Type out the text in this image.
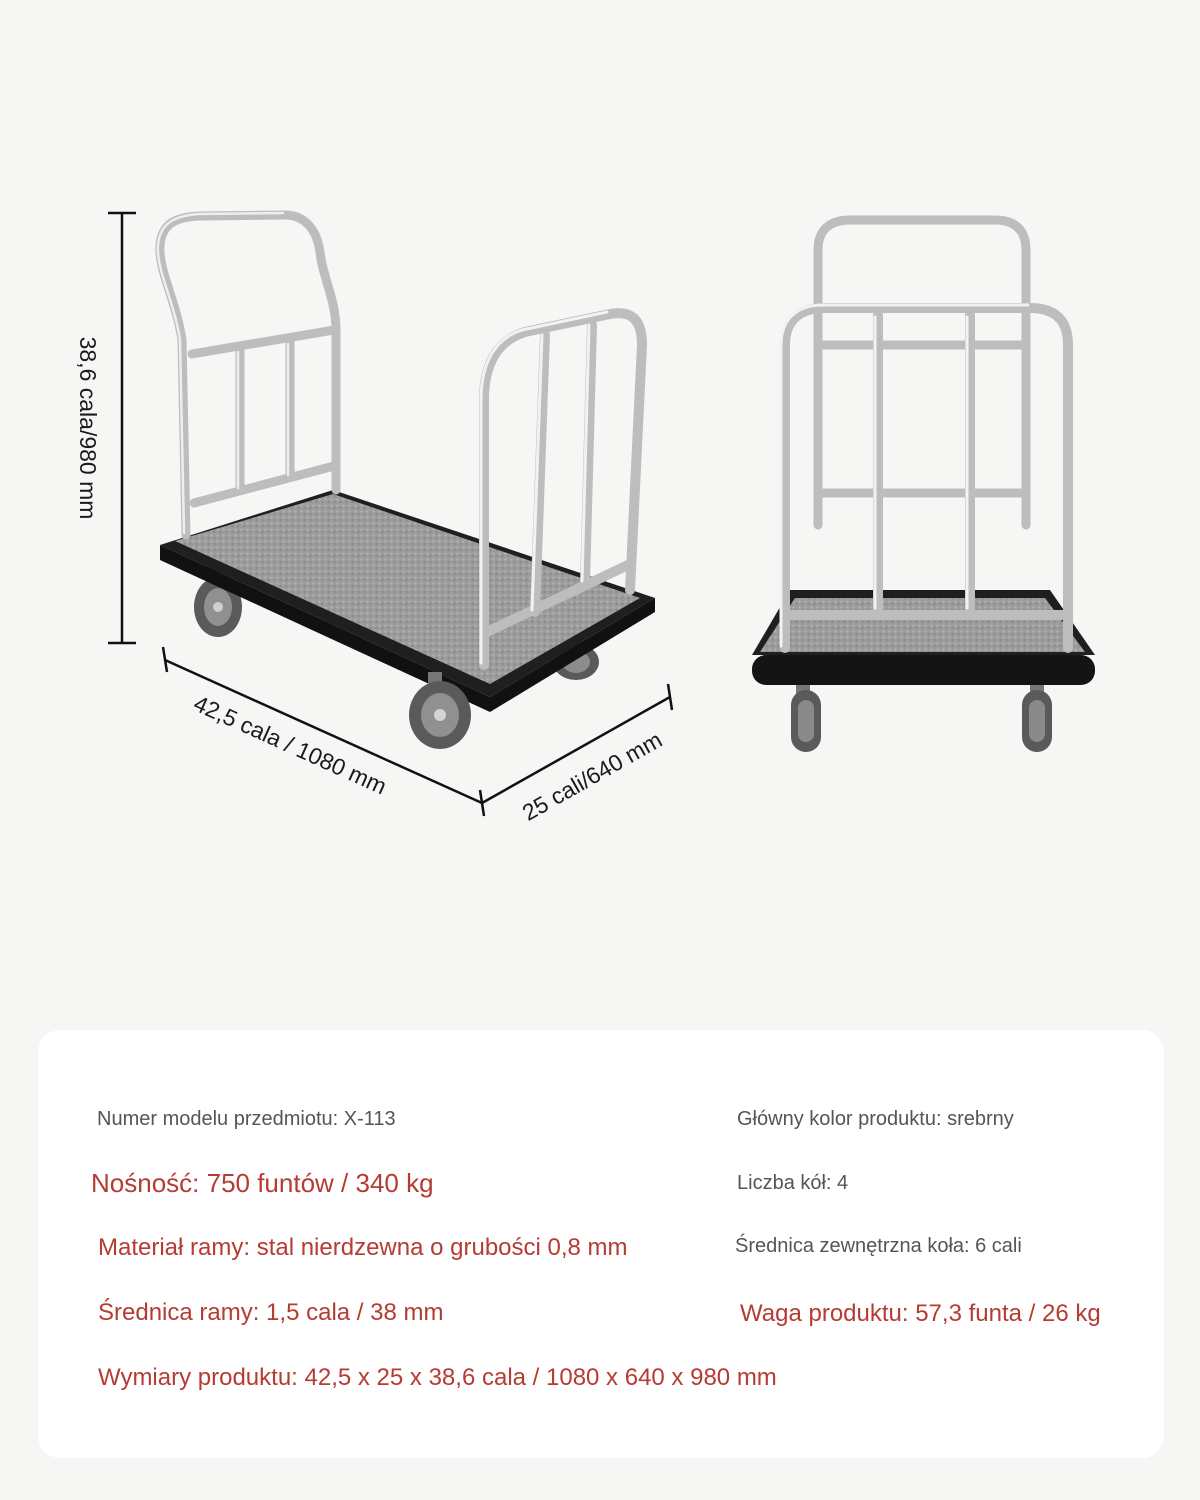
38,6 cala/980 mm
42,5 cala / 1080 mm	25 cali/640 mm
Numer modelu przedmiotu: X-113	Główny kolor produktu: srebrny
Nośność: 750 funtów / 340 kg	Liczba kół: 4
Materiał ramy: stal nierdzewna o grubości 0,8 mm	Średnica zewnętrzna koła: 6 cali
Średnica ramy: 1,5 cala / 38 mm	Waga produktu: 57,3 funta / 26 kg
Wymiary produktu: 42,5 x 25 x 38,6 cala / 1080 x 640 x 980 mm
